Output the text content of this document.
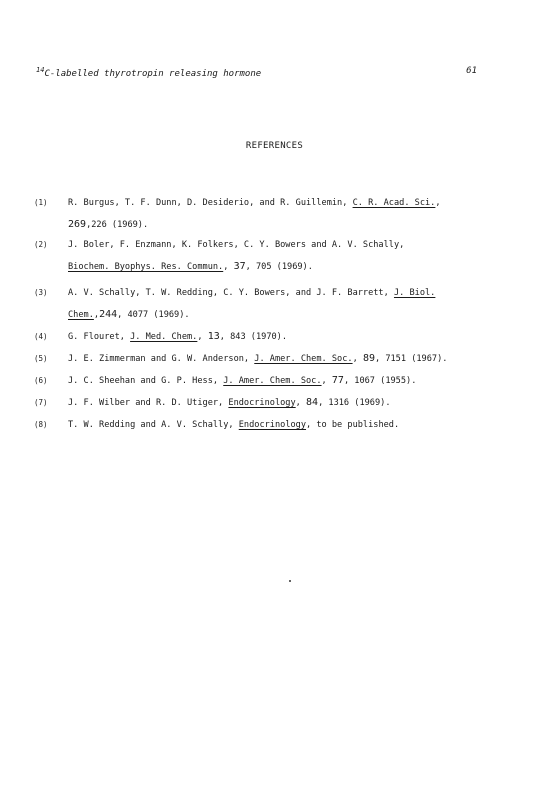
$^{14}$C-labelled thyrotropin releasing hormone	61
REFERENCES
(1) R. Burgus, T. F. Dunn, D. Desiderio, and R. Guillemin, C. R. Acad. Sci.,
269,226 (1969).
(2) J. Boler, F. Enzmann, K. Folkers, C. Y. Bowers and A. V. Schally,
Biochem. Byophys. Res. Commun., 37, 705 (1969).
(3) A. V. Schally, T. W. Redding, C. Y. Bowers, and J. F. Barrett, J. Biol.
Chem.,244, 4077 (1969).
(4) G. Flouret, J. Med. Chem., 13, 843 (1970).
(5) J. E. Zimmerman and G. W. Anderson, J. Amer. Chem. Soc., 89, 7151 (1967).
(6) J. C. Sheehan and G. P. Hess, J. Amer. Chem. Soc., 77, 1067 (1955).
(7) J. F. Wilber and R. D. Utiger, Endocrinology, 84, 1316 (1969).
(8) T. W. Redding and A. V. Schally, Endocrinology, to be published.
